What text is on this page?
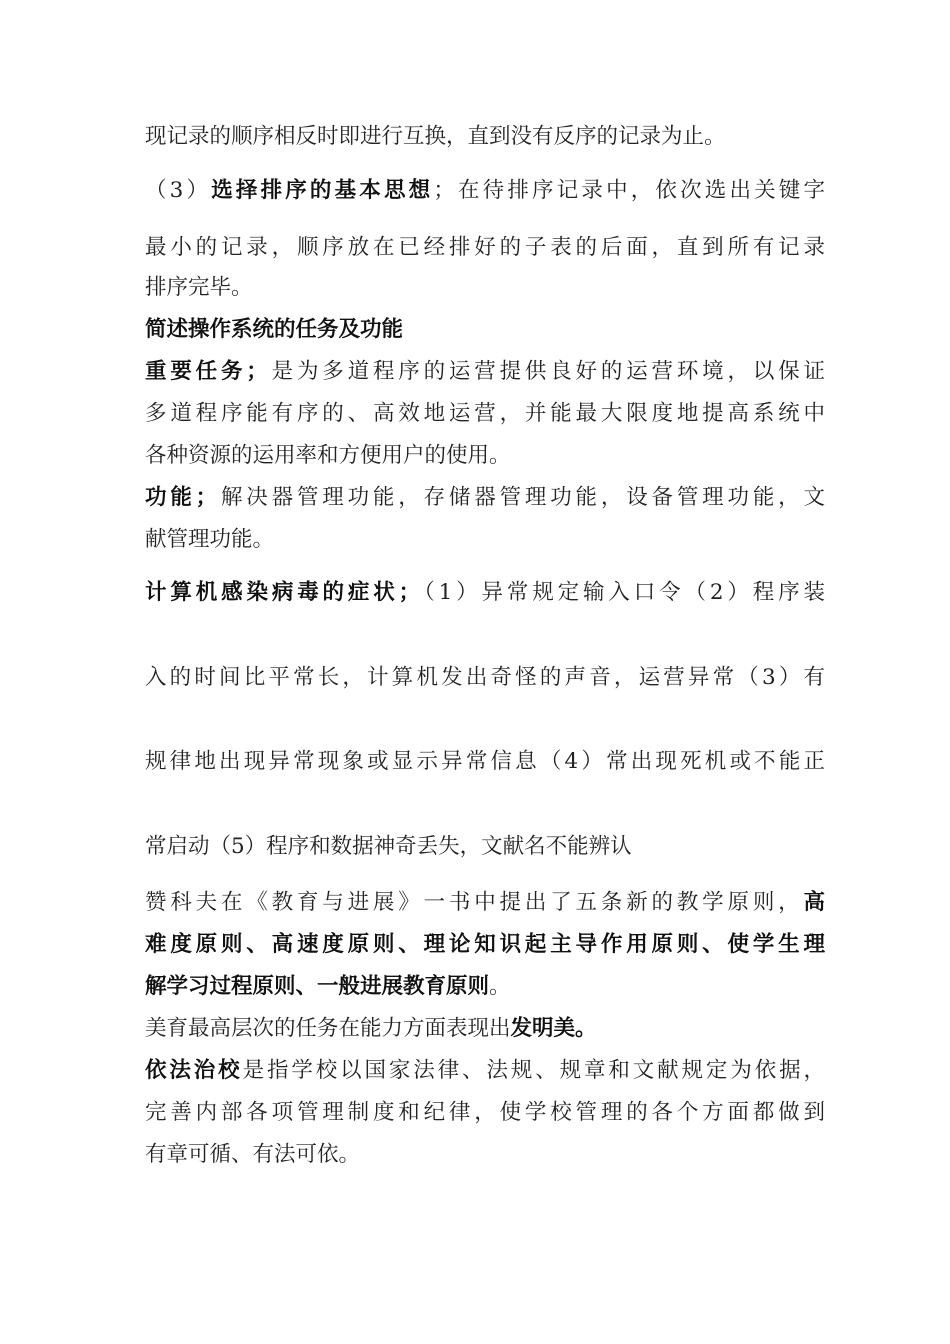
现记录的顺序相反时即进行互换，直到没有反序的记录为止。
（3）选择排序的基本思想；在待排序记录中，依次选出关键字
最小的记录，顺序放在已经排好的子表的后面，直到所有记录
排序完毕。
简述操作系统的任务及功能
重要任务；是为多道程序的运营提供良好的运营环境，以保证
多道程序能有序的、高效地运营，并能最大限度地提高系统中
各种资源的运用率和方便用户的使用。
功能；解决器管理功能，存储器管理功能，设备管理功能，文
献管理功能。
计算机感染病毒的症状；（1）异常规定输入口令（2）程序装
入的时间比平常长，计算机发出奇怪的声音，运营异常（3）有
规律地出现异常现象或显示异常信息（4）常出现死机或不能正
常启动（5）程序和数据神奇丢失，文献名不能辨认
赞科夫在《教育与进展》一书中提出了五条新的教学原则，高
难度原则、高速度原则、理论知识起主导作用原则、使学生理
解学习过程原则、一般进展教育原则。
美育最高层次的任务在能力方面表现出发明美。
依法治校是指学校以国家法律、法规、规章和文献规定为依据，
完善内部各项管理制度和纪律，使学校管理的各个方面都做到
有章可循、有法可依。
